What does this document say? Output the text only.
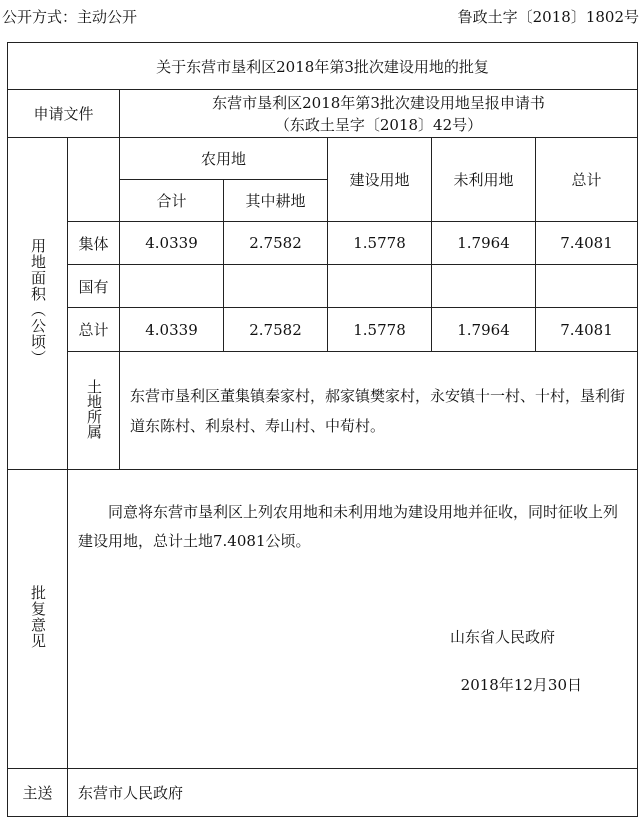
公开方式：主动公开	鲁政土字〔2018〕1802号
关于东营市垦利区2018年第3批次建设用地的批复						
申请文件		东营市垦利区2018年第3批次建设用地呈报申请书
（东政土呈字〔2018〕42号）				

用地面积（公顷）		农用地		建设用地	未利用地	总计
		合计	其中耕地			
	集体	4.0339	2.7582	1.5778	1.7964	7.4081
	国有					
	总计	4.0339	2.7582	1.5778	1.7964	7.4081
	土地所属	东营市垦利区董集镇秦家村，郝家镇樊家村，永安镇十一村、十村，垦利街道东陈村、利泉村、寿山村、中荀村。				
批复意见	同意将东营市垦利区上列农用地和未利用地为建设用地并征收，同时征收上列建设用地，总计土地7.4081公顷。
山东省人民政府
2018年12月30日					

主送	东营市人民政府					
